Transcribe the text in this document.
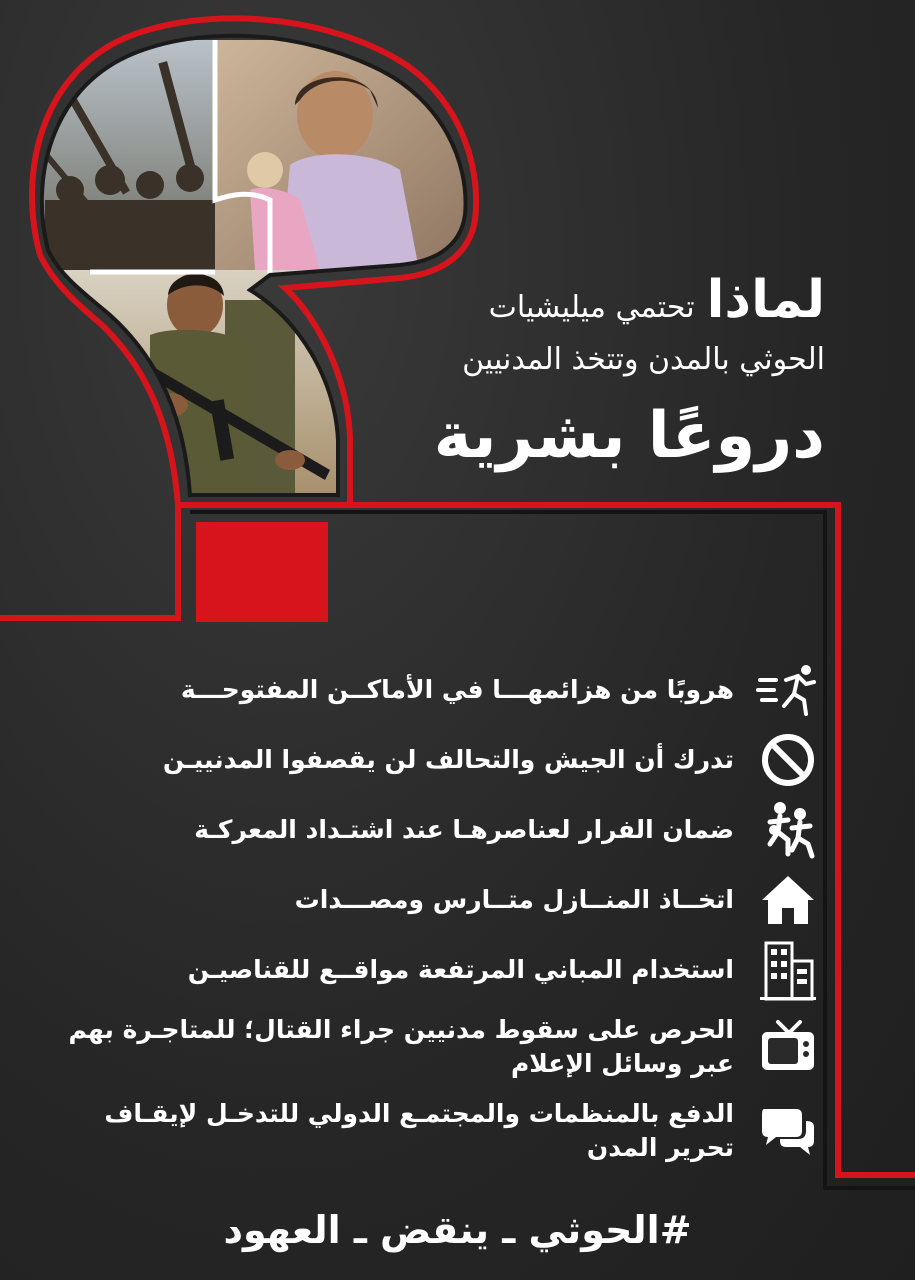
لماذاتحتمي ميليشيات
الحوثي بالمدن وتتخذ المدنيين
دروعًا بشرية
هروبًا من هزائمهـــا في الأماكــن المفتوحـــة
تدرك أن الجيش والتحالف لن يقصفوا المدنييـن
ضمان الفرار لعناصرهـا عند اشتـداد المعركـة
اتخــاذ المنــازل متــارس ومصـــدات
استخدام المباني المرتفعة مواقــع للقناصيـن
الحرص على سقوط مدنيين جراء القتال؛ للمتاجـرة بهم عبر وسائل الإعلام
الدفع بالمنظمات والمجتمـع الدولي للتدخـل لإيقـاف تحرير المدن
#الحوثي ـ ينقض ـ العهود
